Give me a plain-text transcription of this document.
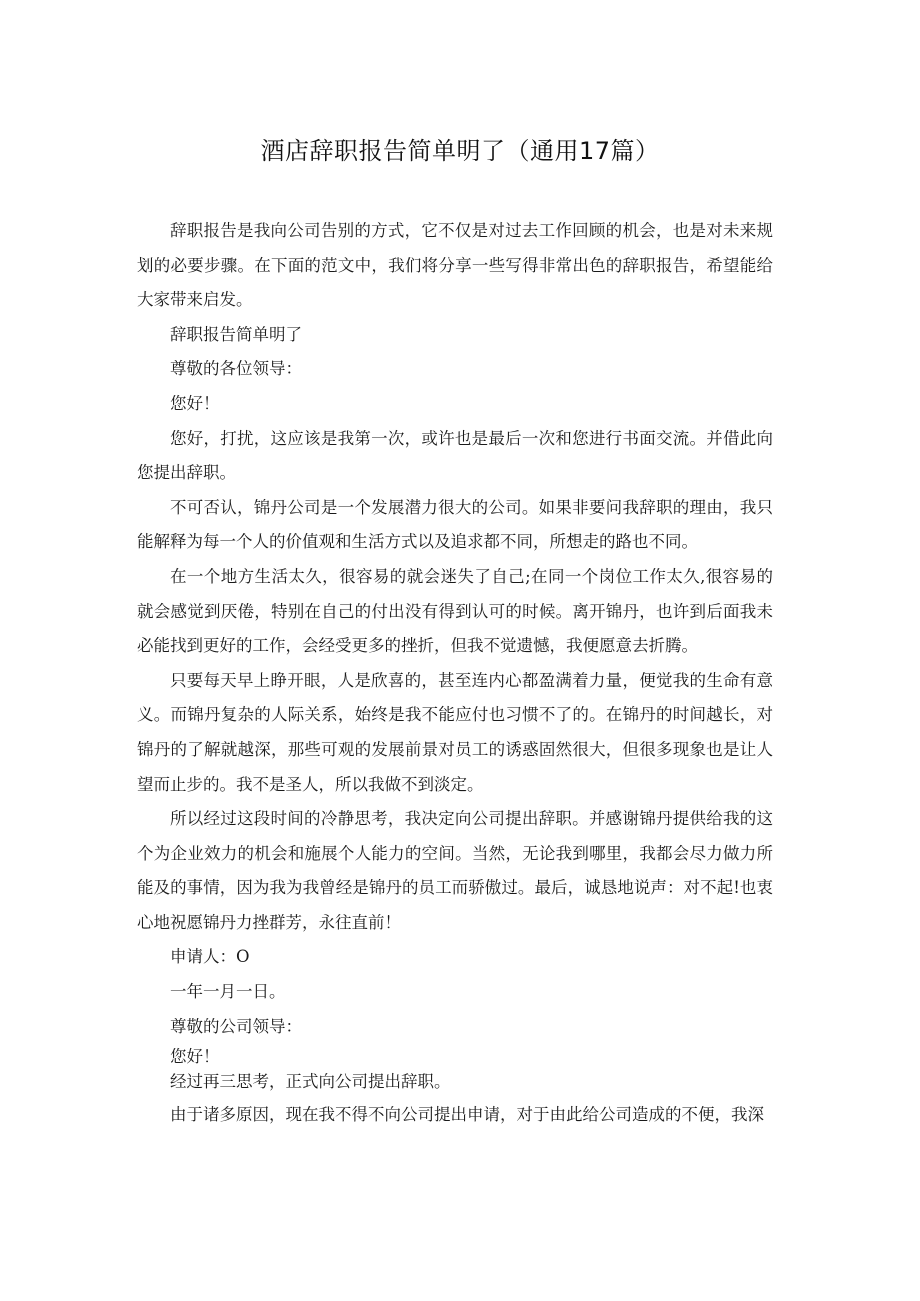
酒店辞职报告简单明了（通用17篇）

辞职报告是我向公司告别的方式，它不仅是对过去工作回顾的机会，也是对未来规划的必要步骤。在下面的范文中，我们将分享一些写得非常出色的辞职报告，希望能给大家带来启发。

辞职报告简单明了

尊敬的各位领导：

您好！

您好，打扰，这应该是我第一次，或许也是最后一次和您进行书面交流。并借此向您提出辞职。

不可否认，锦丹公司是一个发展潜力很大的公司。如果非要问我辞职的理由，我只能解释为每一个人的价值观和生活方式以及追求都不同，所想走的路也不同。

在一个地方生活太久，很容易的就会迷失了自己;在同一个岗位工作太久,很容易的就会感觉到厌倦，特别在自己的付出没有得到认可的时候。离开锦丹，也许到后面我未必能找到更好的工作，会经受更多的挫折，但我不觉遗憾，我便愿意去折腾。

只要每天早上睁开眼，人是欣喜的，甚至连内心都盈满着力量，便觉我的生命有意义。而锦丹复杂的人际关系，始终是我不能应付也习惯不了的。在锦丹的时间越长，对锦丹的了解就越深，那些可观的发展前景对员工的诱惑固然很大，但很多现象也是让人望而止步的。我不是圣人，所以我做不到淡定。

所以经过这段时间的冷静思考，我决定向公司提出辞职。并感谢锦丹提供给我的这个为企业效力的机会和施展个人能力的空间。当然，无论我到哪里，我都会尽力做力所能及的事情，因为我为我曾经是锦丹的员工而骄傲过。最后，诚恳地说声：对不起!也衷心地祝愿锦丹力挫群芳，永往直前！

申请人：O

一年一月一日。

尊敬的公司领导：

您好！

经过再三思考，正式向公司提出辞职。

由于诸多原因，现在我不得不向公司提出申请，对于由此给公司造成的不便，我深
